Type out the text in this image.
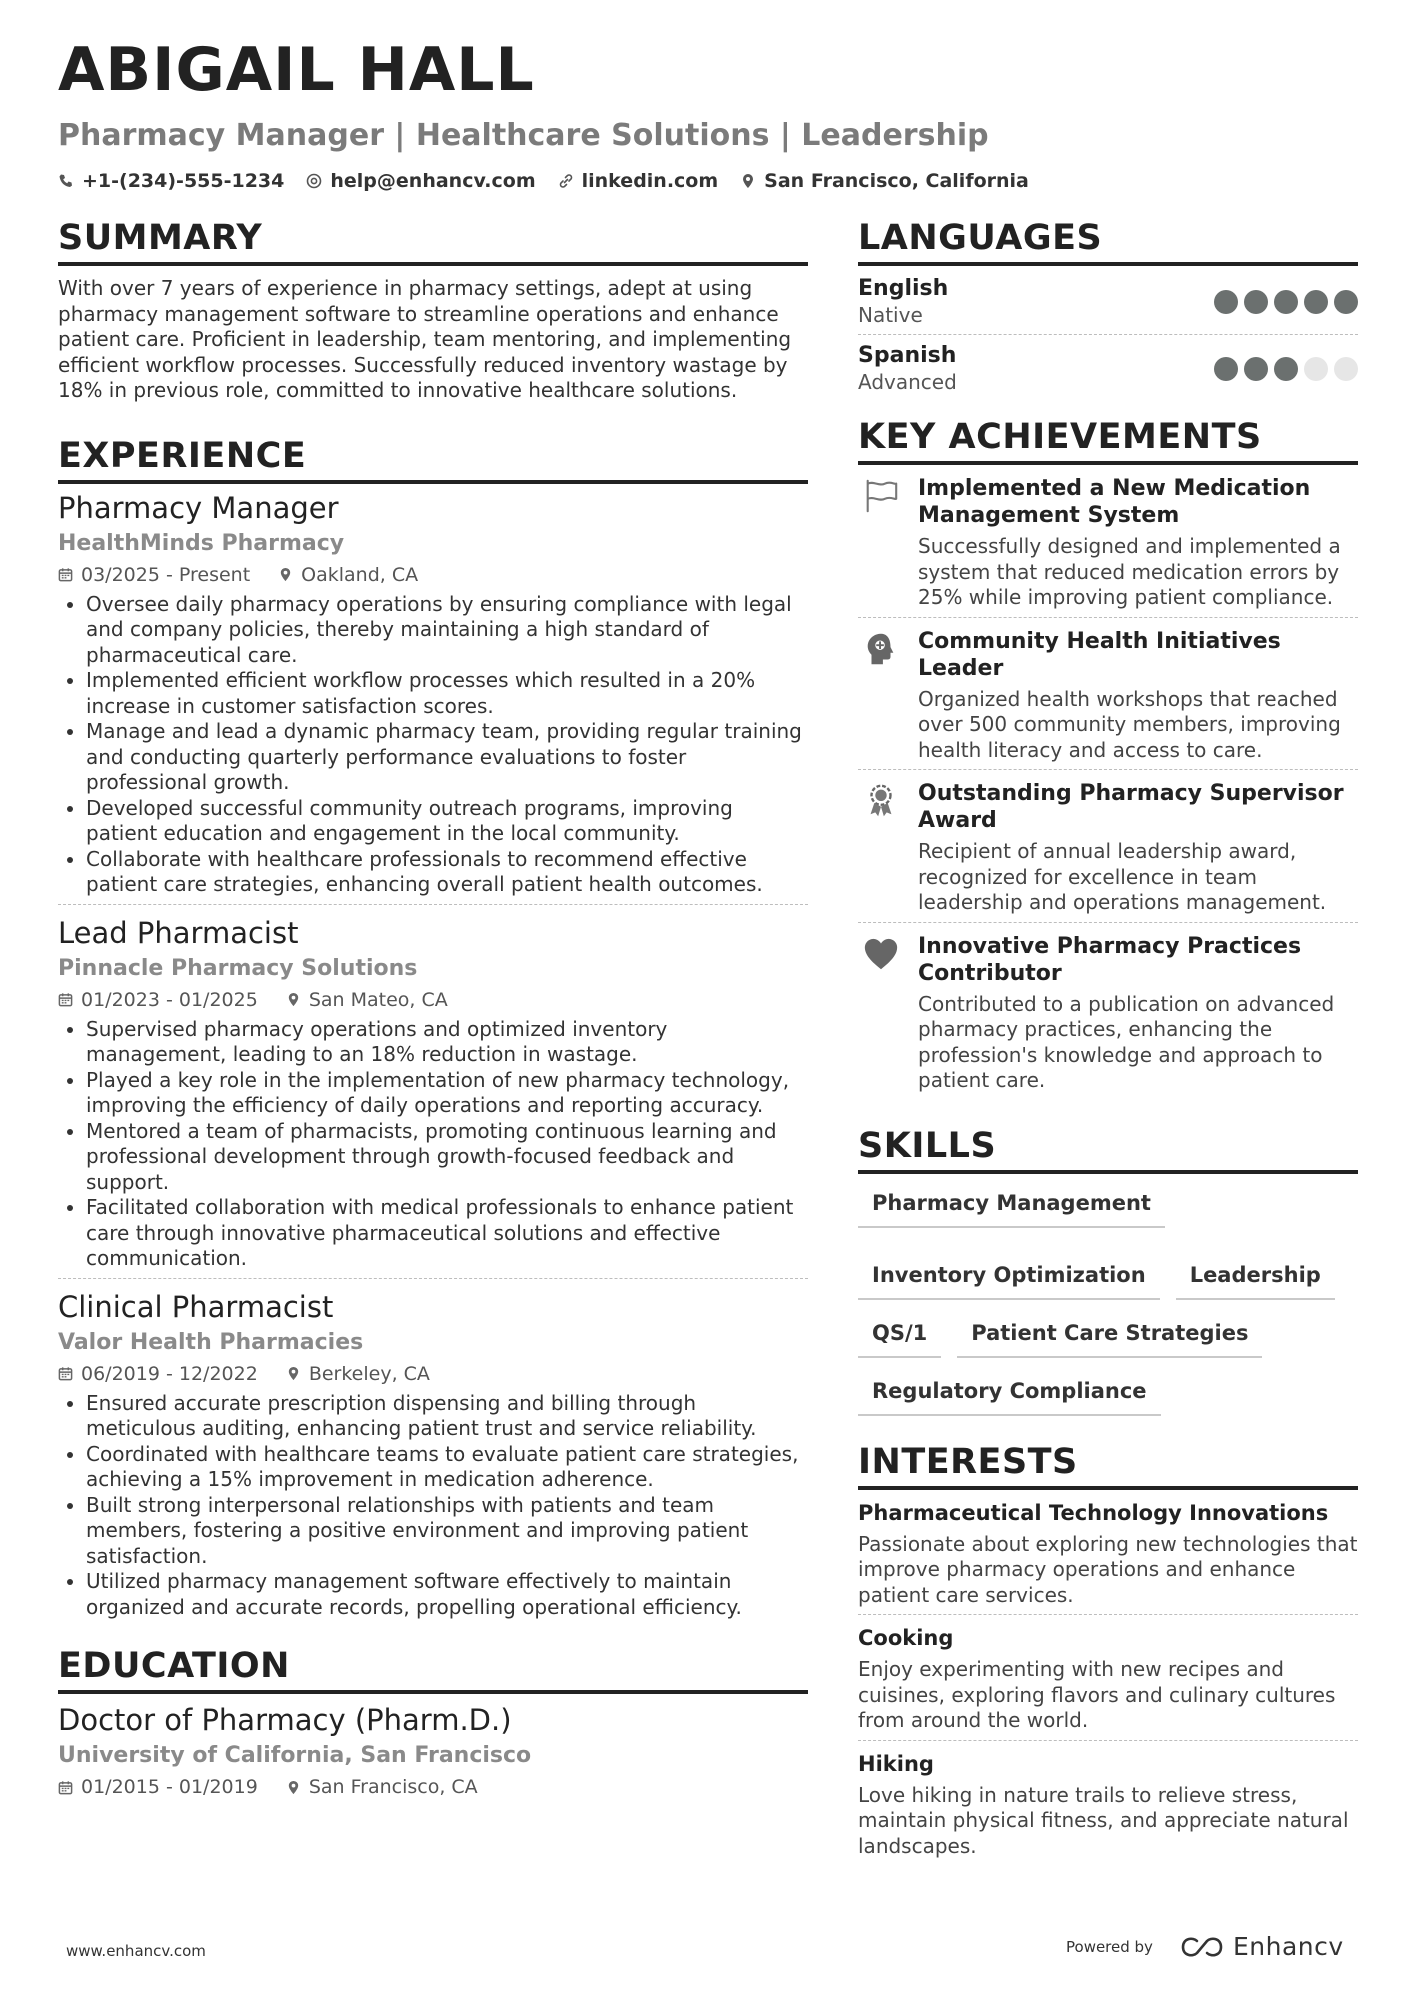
ABIGAIL HALL
Pharmacy Manager | Healthcare Solutions | Leadership
+1-(234)-555-1234 help@enhancv.com linkedin.com San Francisco, California
SUMMARY
With over 7 years of experience in pharmacy settings, adept at using pharmacy management software to streamline operations and enhance patient care. Proficient in leadership, team mentoring, and implementing efficient workflow processes. Successfully reduced inventory wastage by 18% in previous role, committed to innovative healthcare solutions.
EXPERIENCE
Pharmacy Manager
HealthMinds Pharmacy
03/2025 - Present	Oakland, CA
• Oversee daily pharmacy operations by ensuring compliance with legal and company policies, thereby maintaining a high standard of pharmaceutical care.
• Implemented efficient workflow processes which resulted in a 20% increase in customer satisfaction scores.
• Manage and lead a dynamic pharmacy team, providing regular training and conducting quarterly performance evaluations to foster professional growth.
• Developed successful community outreach programs, improving patient education and engagement in the local community.
• Collaborate with healthcare professionals to recommend effective patient care strategies, enhancing overall patient health outcomes.
Lead Pharmacist
Pinnacle Pharmacy Solutions
01/2023 - 01/2025	San Mateo, CA
• Supervised pharmacy operations and optimized inventory management, leading to an 18% reduction in wastage.
• Played a key role in the implementation of new pharmacy technology, improving the efficiency of daily operations and reporting accuracy.
• Mentored a team of pharmacists, promoting continuous learning and professional development through growth-focused feedback and support.
• Facilitated collaboration with medical professionals to enhance patient care through innovative pharmaceutical solutions and effective communication.
Clinical Pharmacist
Valor Health Pharmacies
06/2019 - 12/2022	Berkeley, CA
• Ensured accurate prescription dispensing and billing through meticulous auditing, enhancing patient trust and service reliability.
• Coordinated with healthcare teams to evaluate patient care strategies, achieving a 15% improvement in medication adherence.
• Built strong interpersonal relationships with patients and team members, fostering a positive environment and improving patient satisfaction.
• Utilized pharmacy management software effectively to maintain organized and accurate records, propelling operational efficiency.
EDUCATION
Doctor of Pharmacy (Pharm.D.)
University of California, San Francisco
01/2015 - 01/2019	San Francisco, CA
LANGUAGES
English
Native
Spanish
Advanced
KEY ACHIEVEMENTS
Implemented a New Medication Management System
Successfully designed and implemented a system that reduced medication errors by 25% while improving patient compliance.
Community Health Initiatives Leader
Organized health workshops that reached over 500 community members, improving health literacy and access to care.
Outstanding Pharmacy Supervisor Award
Recipient of annual leadership award, recognized for excellence in team leadership and operations management.
Innovative Pharmacy Practices Contributor
Contributed to a publication on advanced pharmacy practices, enhancing the profession's knowledge and approach to patient care.
SKILLS
Pharmacy Management
Inventory Optimization	Leadership
QS/1	Patient Care Strategies
Regulatory Compliance
INTERESTS
Pharmaceutical Technology Innovations
Passionate about exploring new technologies that improve pharmacy operations and enhance patient care services.
Cooking
Enjoy experimenting with new recipes and cuisines, exploring flavors and culinary cultures from around the world.
Hiking
Love hiking in nature trails to relieve stress, maintain physical fitness, and appreciate natural landscapes.
www.enhancv.com	Powered by	Enhancv
